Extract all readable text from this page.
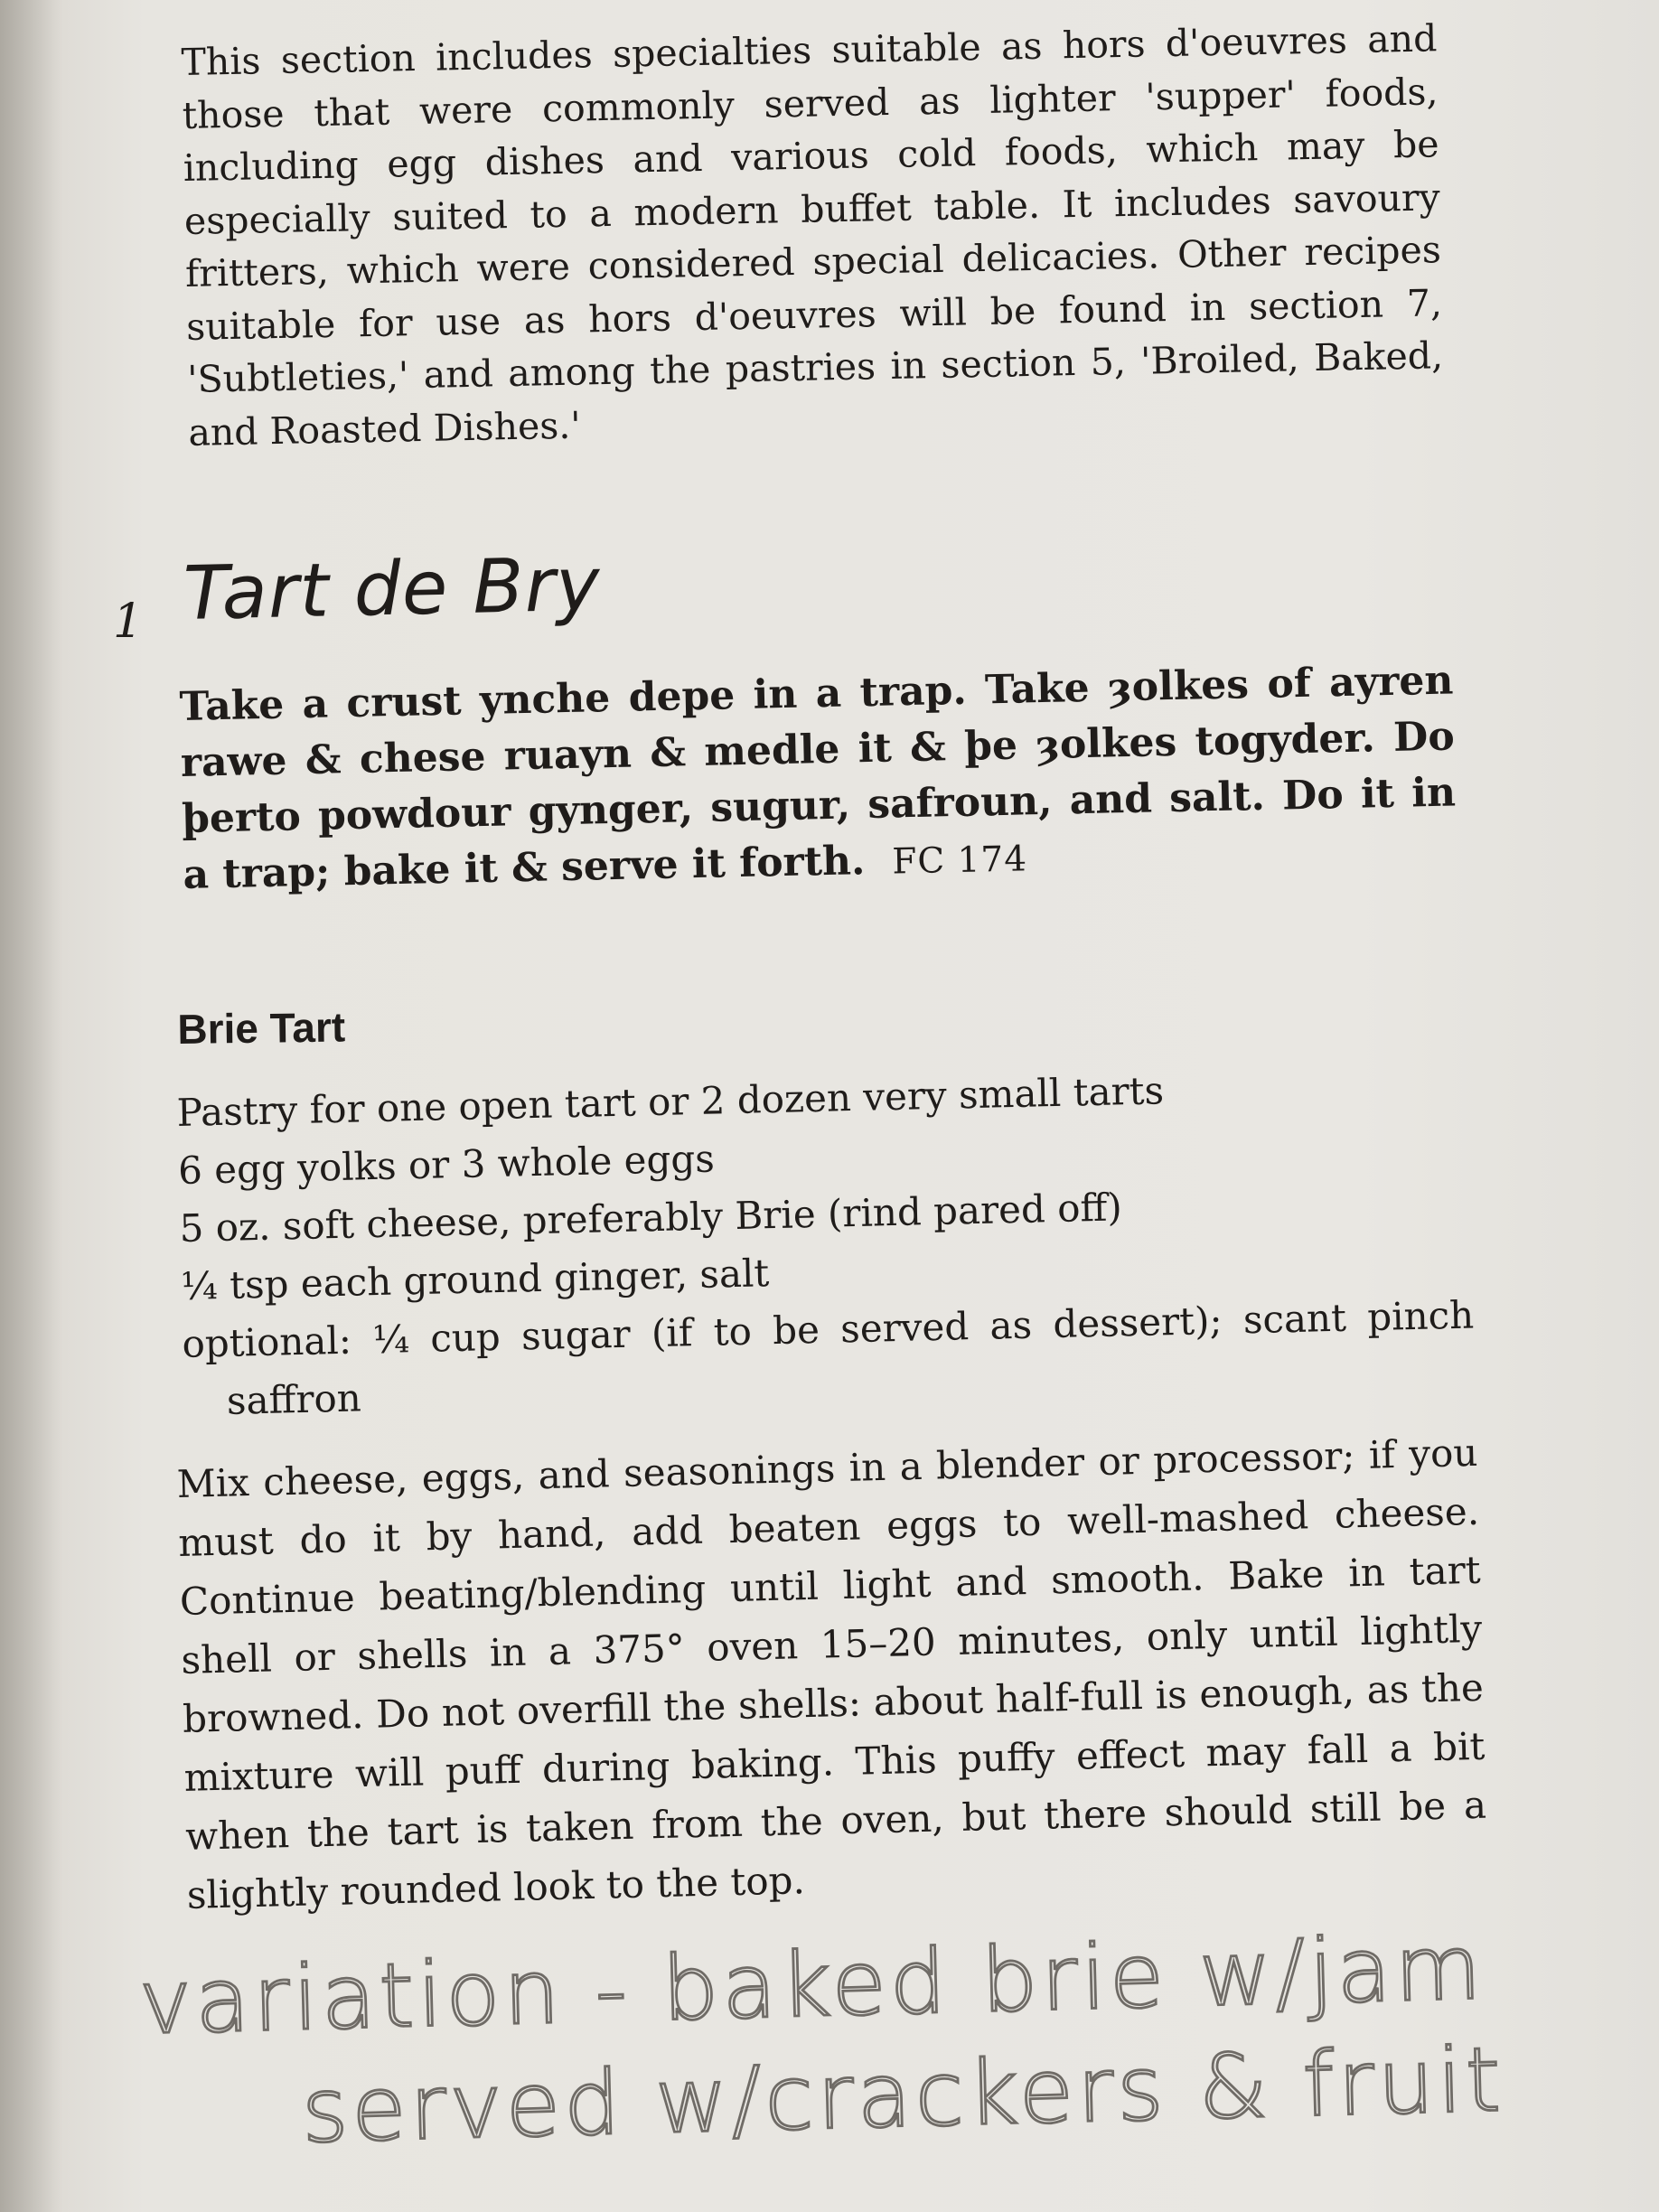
This section includes specialties suitable as hors d'oeuvres and those that were commonly served as lighter 'supper' foods, including egg dishes and various cold foods, which may be especially suited to a modern buffet table. It includes savoury fritters, which were considered special delicacies. Other recipes suitable for use as hors d'oeuvres will be found in section 7, 'Subtleties,' and among the pastries in section 5, 'Broiled, Baked, and Roasted Dishes.'

1 Tart de Bry

Take a crust ynche depe in a trap. Take ȝolkes of ayren rawe & chese ruayn & medle it & þe ȝolkes togyder. Do þerto powdour gynger, sugur, safroun, and salt. Do it in a trap; bake it & serve it forth. FC 174

Brie Tart
Pastry for one open tart or 2 dozen very small tarts
6 egg yolks or 3 whole eggs
5 oz. soft cheese, preferably Brie (rind pared off)
¼ tsp each ground ginger, salt
optional: ¼ cup sugar (if to be served as dessert); scant pinch saffron

Mix cheese, eggs, and seasonings in a blender or processor; if you must do it by hand, add beaten eggs to well-mashed cheese. Continue beating/blending until light and smooth. Bake in tart shell or shells in a 375° oven 15–20 minutes, only until lightly browned. Do not overfill the shells: about half-full is enough, as the mixture will puff during baking. This puffy effect may fall a bit when the tart is taken from the oven, but there should still be a slightly rounded look to the top.

variation - baked brie w/jam
served w/crackers & fruit
